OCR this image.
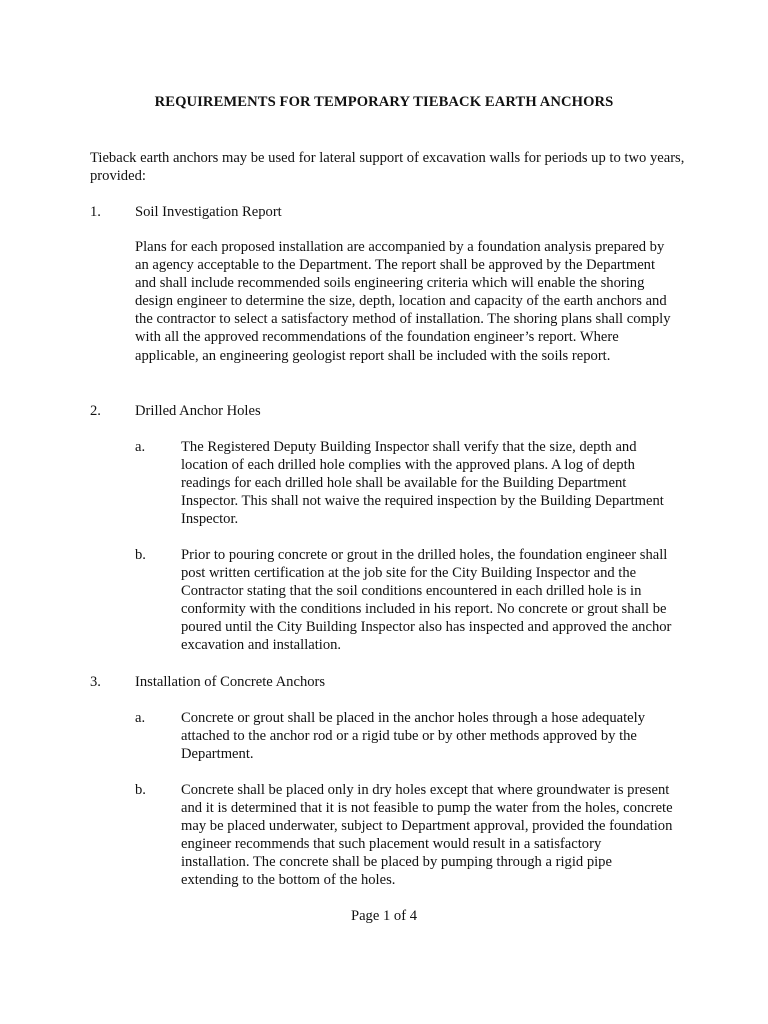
REQUIREMENTS FOR TEMPORARY TIEBACK EARTH ANCHORS

Tieback earth anchors may be used for lateral support of excavation walls for periods up to two years, provided:

1. Soil Investigation Report

Plans for each proposed installation are accompanied by a foundation analysis prepared by an agency acceptable to the Department. The report shall be approved by the Department and shall include recommended soils engineering criteria which will enable the shoring design engineer to determine the size, depth, location and capacity of the earth anchors and the contractor to select a satisfactory method of installation. The shoring plans shall comply with all the approved recommendations of the foundation engineer’s report. Where applicable, an engineering geologist report shall be included with the soils report.

2. Drilled Anchor Holes
a. The Registered Deputy Building Inspector shall verify that the size, depth and location of each drilled hole complies with the approved plans. A log of depth readings for each drilled hole shall be available for the Building Department Inspector. This shall not waive the required inspection by the Building Department Inspector.

b. Prior to pouring concrete or grout in the drilled holes, the foundation engineer shall post written certification at the job site for the City Building Inspector and the Contractor stating that the soil conditions encountered in each drilled hole is in conformity with the conditions included in his report. No concrete or grout shall be poured until the City Building Inspector also has inspected and approved the anchor excavation and installation.

3. Installation of Concrete Anchors
a. Concrete or grout shall be placed in the anchor holes through a hose adequately attached to the anchor rod or a rigid tube or by other methods approved by the Department.

b. Concrete shall be placed only in dry holes except that where groundwater is present and it is determined that it is not feasible to pump the water from the holes, concrete may be placed underwater, subject to Department approval, provided the foundation engineer recommends that such placement would result in a satisfactory installation. The concrete shall be placed by pumping through a rigid pipe extending to the bottom of the holes.

Page 1 of 4
